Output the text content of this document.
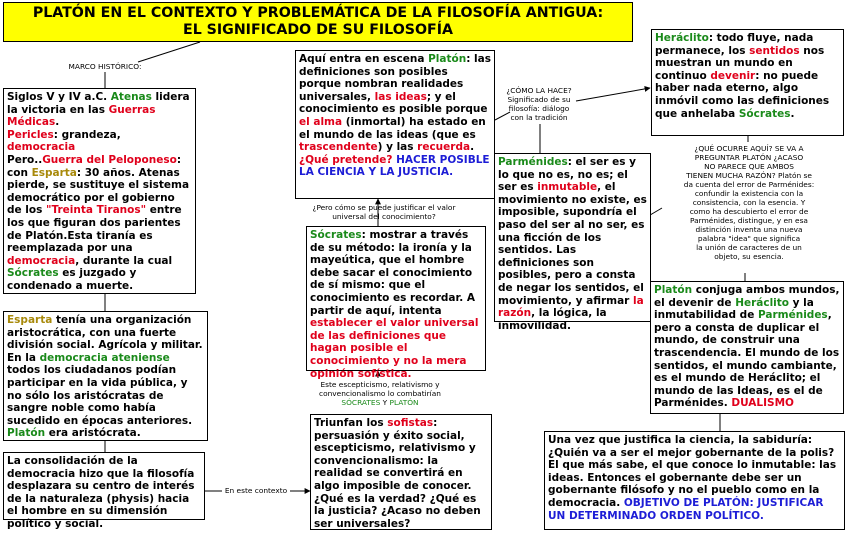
PLATÓN EN EL CONTEXTO Y PROBLEMÁTICA DE LA FILOSOFÍA ANTIGUA:
EL SIGNIFICADO DE SU FILOSOFÍA
MARCO HISTÓRICO:

Siglos V y IV a.C. Atenas lidera la victoria en las Guerras Médicas.

Pericles: grandeza, democracia

Pero..Guerra del Peloponeso: con Esparta: 30 años. Atenas pierde, se sustituye el sistema democrático por el gobierno de los "Treinta Tiranos" entre los que figuran dos parientes de Platón.Esta tiranía es reemplazada por una democracia, durante la cual Sócrates es juzgado y condenado a muerte.

Esparta tenía una organización aristocrática, con una fuerte división social. Agrícola y militar. En la democracia ateniense todos los ciudadanos podían participar en la vida pública, y no sólo los aristócratas de sangre noble como había sucedido en épocas anteriores.

Platón era aristócrata.

La consolidación de la democracia hizo que la filosofía desplazara su centro de interés de la naturaleza (physis) hacia el hombre en su dimensión político y social.

En este contexto

Aquí entra en escena Platón: las definiciones son posibles porque nombran realidades universales, las ideas; y el conocimiento es posible porque el alma (inmortal) ha estado en el mundo de las ideas (que es trascendente) y las recuerda.

¿Qué pretende? HACER POSIBLE LA CIENCIA Y LA JUSTICIA.

¿Pero cómo se puede justificar el valor
universal del conocimiento?

Sócrates: mostrar a través de su método: la ironía y la mayeútica, que el hombre debe sacar el conocimiento de sí mismo: que el conocimiento es recordar. A partir de aquí, intenta establecer el valor universal de las definiciones que hagan posible el conocimiento y no la mera opinión sofística.

Este escepticismo, relativismo y
convencionalismo lo combatirían
SÓCRATES Y PLATÓN

Triunfan los sofistas: persuasión y éxito social, escepticismo, relativismo y convencionalismo: la realidad se convertirá en algo imposible de conocer. ¿Qué es la verdad? ¿Qué es la justicia? ¿Acaso no deben ser universales?

¿CÓMO LA HACE?
Significado de su
filosofía: diálogo
con la tradición

Heráclito: todo fluye, nada permanece, los sentidos nos muestran un mundo en continuo devenir: no puede haber nada eterno, algo inmóvil como las definiciones que anhelaba Sócrates.

Parménides: el ser es y lo que no es, no es; el ser es inmutable, el movimiento no existe, es imposible, supondría el paso del ser al no ser, es una ficción de los sentidos. Las definiciones son posibles, pero a consta de negar los sentidos, el movimiento, y afirmar la razón, la lógica, la inmovilidad.

¿QUÉ OCURRE AQUÍ? SE VA A
PREGUNTAR PLATÓN ¿ACASO
NO PARECE QUE AMBOS
TIENEN MUCHA RAZÓN? Platón se
da cuenta del error de Parménides:
confundir la existencia con la
consistencia, con la esencia. Y
como ha descubierto el error de
Parménides, distingue, y en esa
distinción inventa una nueva
palabra "idea" que significa
la unión de caracteres de un
objeto, su esencia.

Platón conjuga ambos mundos, el devenir de Heráclito y la inmutabilidad de Parménides, pero a consta de duplicar el mundo, de construir una trascendencia. El mundo de los sentidos, el mundo cambiante, es el mundo de Heráclito; el mundo de las Ideas, es el de Parménides. DUALISMO

Una vez que justifica la ciencia, la sabiduría: ¿Quién va a ser el mejor gobernante de la polis? El que más sabe, el que conoce lo inmutable: las ideas. Entonces el gobernante debe ser un gobernante filósofo y no el pueblo como en la democracia. OBJETIVO DE PLATÓN: JUSTIFICAR UN DETERMINADO ORDEN POLÍTICO.
